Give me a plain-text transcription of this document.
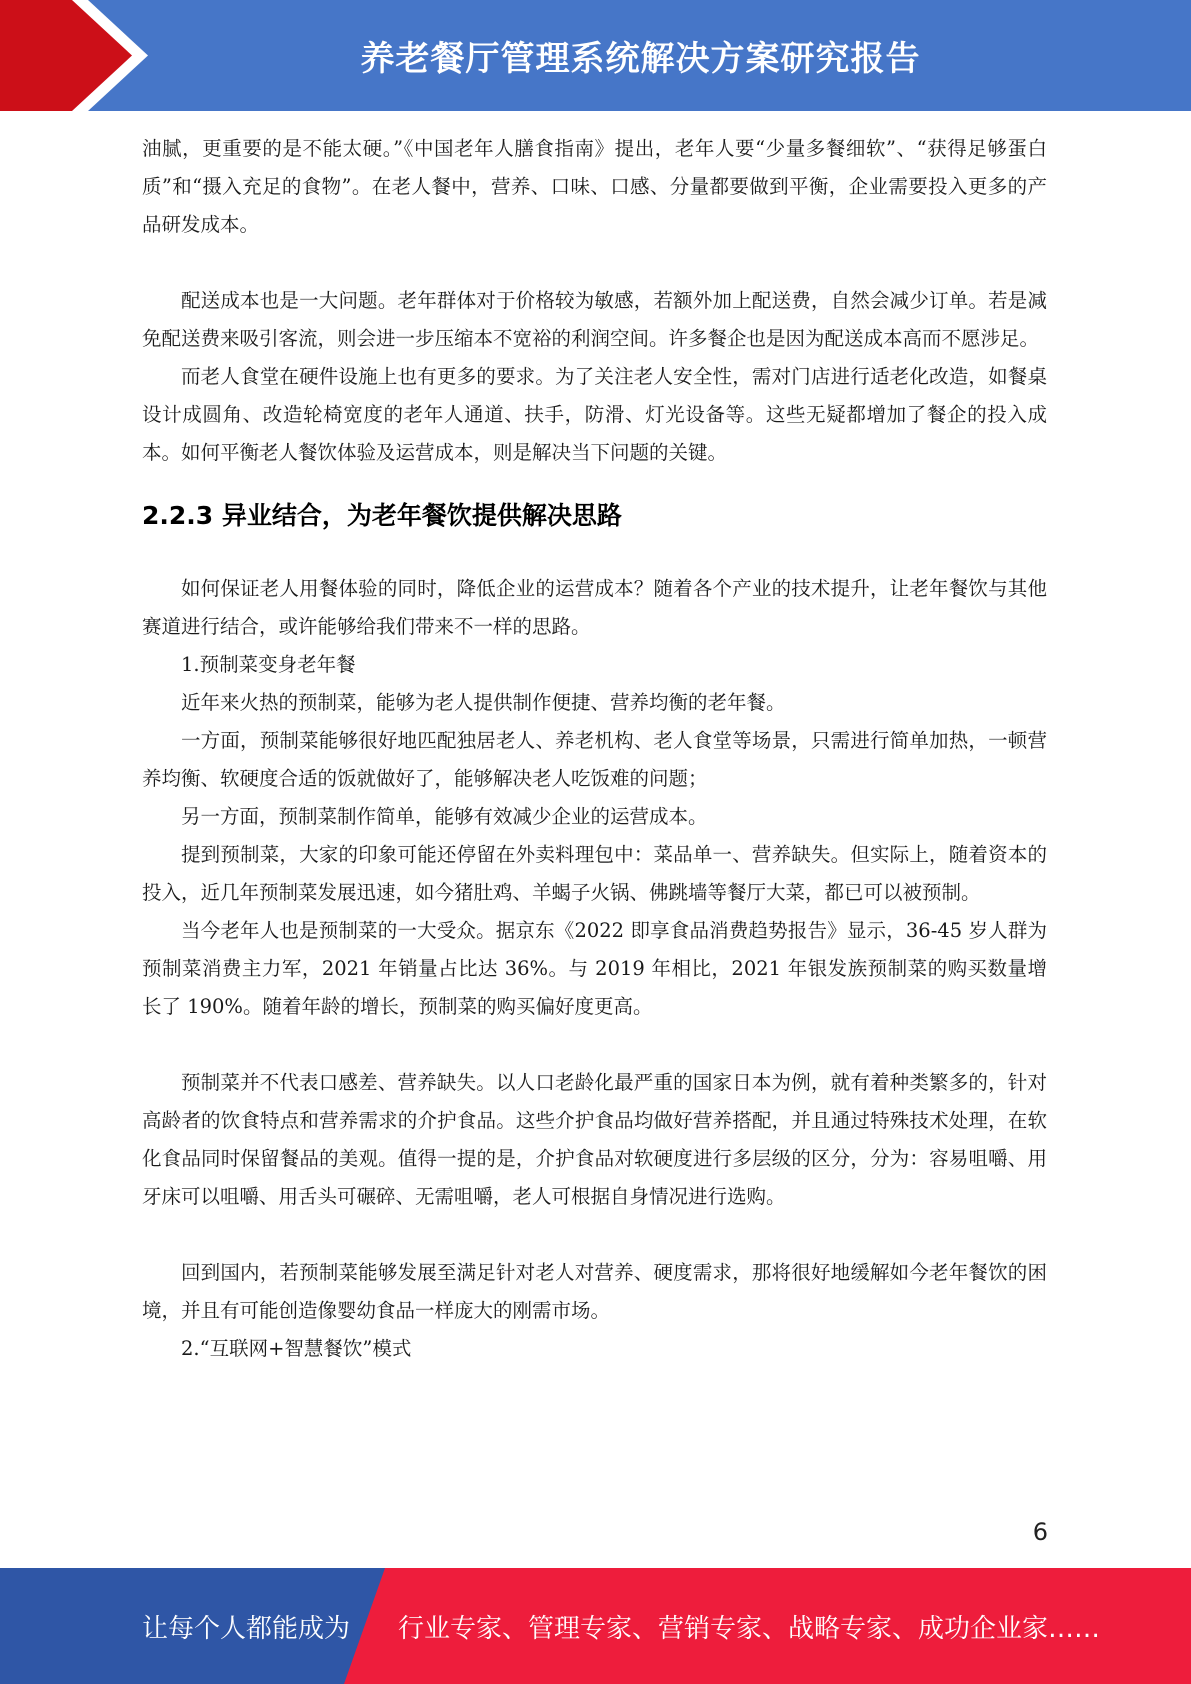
养老餐厅管理系统解决方案研究报告

油腻，更重要的是不能太硬。”《中国老年人膳食指南》提出，老年人要“少量多餐细软”、“获得足够蛋白质”和“摄入充足的食物”。在老人餐中，营养、口味、口感、分量都要做到平衡，企业需要投入更多的产品研发成本。

配送成本也是一大问题。老年群体对于价格较为敏感，若额外加上配送费，自然会减少订单。若是减免配送费来吸引客流，则会进一步压缩本不宽裕的利润空间。许多餐企也是因为配送成本高而不愿涉足。

而老人食堂在硬件设施上也有更多的要求。为了关注老人安全性，需对门店进行适老化改造，如餐桌设计成圆角、改造轮椅宽度的老年人通道、扶手，防滑、灯光设备等。这些无疑都增加了餐企的投入成本。如何平衡老人餐饮体验及运营成本，则是解决当下问题的关键。

2.2.3 异业结合，为老年餐饮提供解决思路

如何保证老人用餐体验的同时，降低企业的运营成本？随着各个产业的技术提升，让老年餐饮与其他赛道进行结合，或许能够给我们带来不一样的思路。

1.预制菜变身老年餐

近年来火热的预制菜，能够为老人提供制作便捷、营养均衡的老年餐。

一方面，预制菜能够很好地匹配独居老人、养老机构、老人食堂等场景，只需进行简单加热，一顿营养均衡、软硬度合适的饭就做好了，能够解决老人吃饭难的问题；

另一方面，预制菜制作简单，能够有效减少企业的运营成本。

提到预制菜，大家的印象可能还停留在外卖料理包中：菜品单一、营养缺失。但实际上，随着资本的投入，近几年预制菜发展迅速，如今猪肚鸡、羊蝎子火锅、佛跳墙等餐厅大菜，都已可以被预制。

当今老年人也是预制菜的一大受众。据京东《2022 即享食品消费趋势报告》显示，36-45 岁人群为预制菜消费主力军，2021 年销量占比达 36%。与 2019 年相比，2021 年银发族预制菜的购买数量增长了 190%。随着年龄的增长，预制菜的购买偏好度更高。

预制菜并不代表口感差、营养缺失。以人口老龄化最严重的国家日本为例，就有着种类繁多的，针对高龄者的饮食特点和营养需求的介护食品。这些介护食品均做好营养搭配，并且通过特殊技术处理，在软化食品同时保留餐品的美观。值得一提的是，介护食品对软硬度进行多层级的区分，分为：容易咀嚼、用牙床可以咀嚼、用舌头可碾碎、无需咀嚼，老人可根据自身情况进行选购。

回到国内，若预制菜能够发展至满足针对老人对营养、硬度需求，那将很好地缓解如今老年餐饮的困境，并且有可能创造像婴幼食品一样庞大的刚需市场。

2.“互联网+智慧餐饮”模式

6
让每个人都能成为 行业专家、管理专家、营销专家、战略专家、成功企业家……
